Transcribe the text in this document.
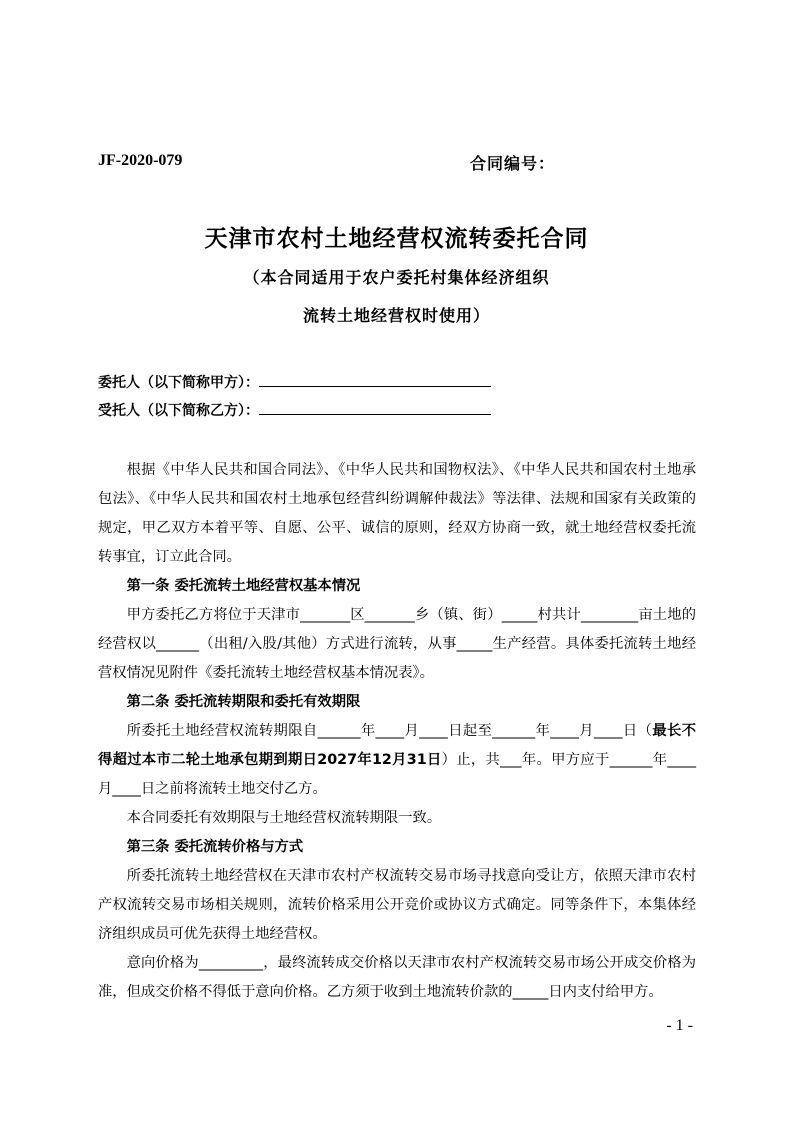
JF-2020-079	合同编号：
天津市农村土地经营权流转委托合同
（本合同适用于农户委托村集体经济组织
流转土地经营权时使用）
委托人（以下简称甲方）：
受托人（以下简称乙方）：

根据《中华人民共和国合同法》、《中华人民共和国物权法》、《中华人民共和国农村土地承包法》、《中华人民共和国农村土地承包经营纠纷调解仲裁法》等法律、法规和国家有关政策的规定，甲乙双方本着平等、自愿、公平、诚信的原则，经双方协商一致，就土地经营权委托流转事宜，订立此合同。

第一条 委托流转土地经营权基本情况

甲方委托乙方将位于天津市_______区_______乡（镇、街）_____村共计________亩土地的经营权以______（出租/入股/其他）方式进行流转，从事_____生产经营。具体委托流转土地经营权情况见附件《委托流转土地经营权基本情况表》。

第二条 委托流转期限和委托有效期限

所委托土地经营权流转期限自______年____月____日起至______年____月____日（最长不得超过本市二轮土地承包期到期日2027年12月31日）止，共___年。甲方应于______年____月____日之前将流转土地交付乙方。

本合同委托有效期限与土地经营权流转期限一致。

第三条 委托流转价格与方式

所委托流转土地经营权在天津市农村产权流转交易市场寻找意向受让方，依照天津市农村产权流转交易市场相关规则，流转价格采用公开竞价或协议方式确定。同等条件下，本集体经济组织成员可优先获得土地经营权。

意向价格为_________，最终流转成交价格以天津市农村产权流转交易市场公开成交价格为准，但成交价格不得低于意向价格。乙方须于收到土地流转价款的_____日内支付给甲方。

- 1 -
